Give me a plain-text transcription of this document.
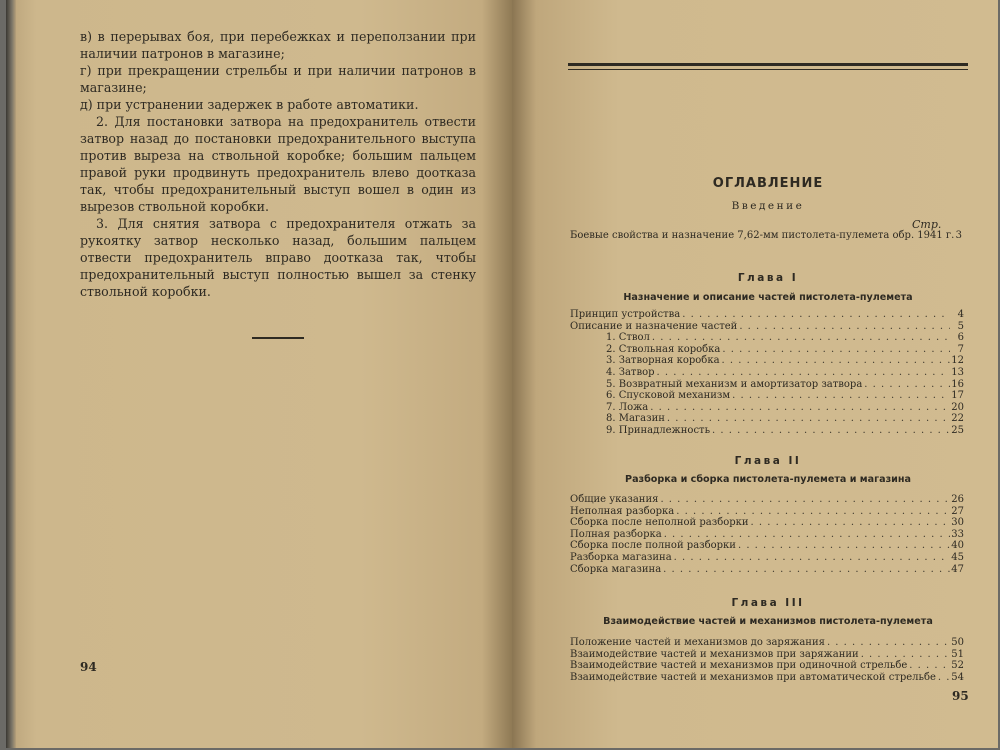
в) в перерывах боя, при перебежках и переползании при наличии патронов в магазине;

г) при прекращении стрельбы и при наличии патронов в магазине;

д) при устранении задержек в работе автоматики.

2. Для постановки затвора на предохранитель отвести затвор назад до постановки предохранительного выступа против выреза на ствольной коробке; большим пальцем правой руки продвинуть предохранитель влево доотказа так, чтобы предохранительный выступ вошел в один из вырезов ствольной коробки.

3. Для снятия затвора с предохранителя отжать за рукоятку затвор несколько назад, большим пальцем отвести предохранитель вправо доотказа так, чтобы предохранительный выступ полностью вышел за стенку ствольной коробки.

94
ОГЛАВЛЕНИЕ
Введение
Стр.
Боевые свойства и назначение 7,62-мм пистолета-пулемета обр. 1941 г. 3
Глава I
Назначение и описание частей пистолета-пулемета
Принцип устройства . . .	4
Описание и назначение частей . . .	5
1. Ствол . . .	6
2. Ствольная коробка . . .	7
3. Затворная коробка . . .	12
4. Затвор . . .	13
5. Возвратный механизм и амортизатор затвора . . .	16
6. Спусковой механизм . . .	17
7. Ложа . . .	20
8. Магазин . . .	22
9. Принадлежность . . .	25
Глава II
Разборка и сборка пистолета-пулемета и магазина
Общие указания . . .	26
Неполная разборка . . .	27
Сборка после неполной разборки . . .	30
Полная разборка . . .	33
Сборка после полной разборки . . .	40
Разборка магазина . . .	45
Сборка магазина . . .	47
Глава III
Взаимодействие частей и механизмов пистолета-пулемета
Положение частей и механизмов до заряжания . . .	50
Взаимодействие частей и механизмов при заряжании . . .	51
Взаимодействие частей и механизмов при одиночной стрельбе . . .	52
Взаимодействие частей и механизмов при автоматической стрельбе . . . 54
95
